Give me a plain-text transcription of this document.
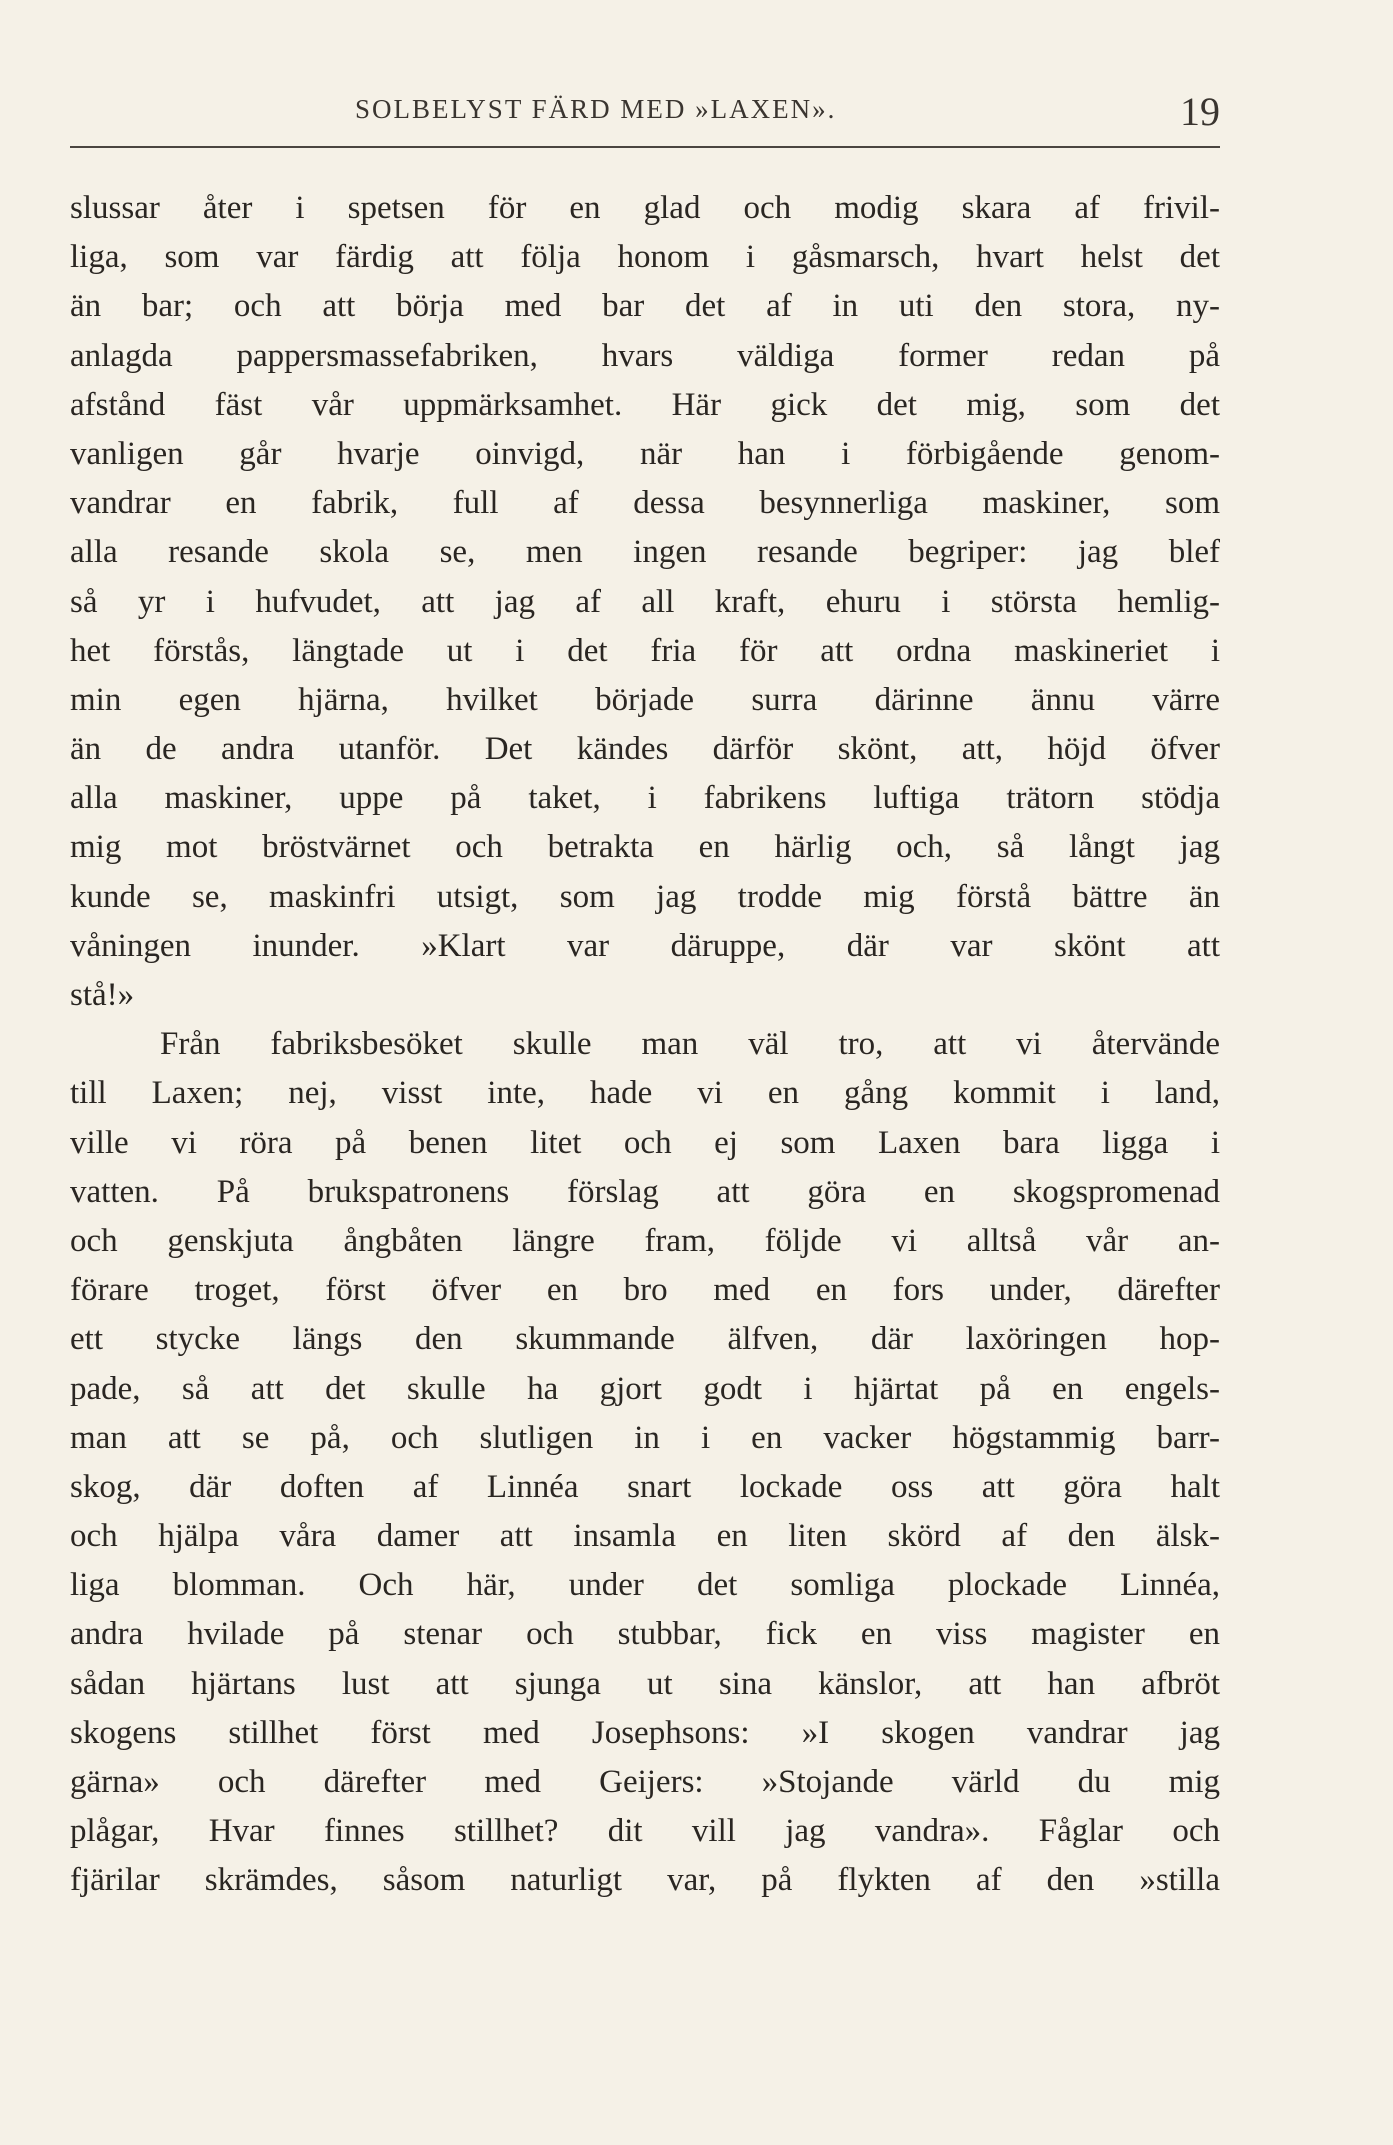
SOLBELYST FÄRD MED »LAXEN».	19
slussar åter i spetsen för en glad och modig skara af frivil-
liga, som var färdig att följa honom i gåsmarsch, hvart helst det
än bar; och att börja med bar det af in uti den stora, ny-
anlagda pappersmassefabriken, hvars väldiga former redan på
afstånd fäst vår uppmärksamhet. Här gick det mig, som det
vanligen går hvarje oinvigd, när han i förbigående genom-
vandrar en fabrik, full af dessa besynnerliga maskiner, som
alla resande skola se, men ingen resande begriper: jag blef
så yr i hufvudet, att jag af all kraft, ehuru i största hemlig-
het förstås, längtade ut i det fria för att ordna maskineriet i
min egen hjärna, hvilket började surra därinne ännu värre
än de andra utanför. Det kändes därför skönt, att, höjd öfver
alla maskiner, uppe på taket, i fabrikens luftiga trätorn stödja
mig mot bröstvärnet och betrakta en härlig och, så långt jag
kunde se, maskinfri utsigt, som jag trodde mig förstå bättre än
våningen inunder. »Klart var däruppe, där var skönt att
stå!»
Från fabriksbesöket skulle man väl tro, att vi återvände
till Laxen; nej, visst inte, hade vi en gång kommit i land,
ville vi röra på benen litet och ej som Laxen bara ligga i
vatten. På brukspatronens förslag att göra en skogspromenad
och genskjuta ångbåten längre fram, följde vi alltså vår an-
förare troget, först öfver en bro med en fors under, därefter
ett stycke längs den skummande älfven, där laxöringen hop-
pade, så att det skulle ha gjort godt i hjärtat på en engels-
man att se på, och slutligen in i en vacker högstammig barr-
skog, där doften af Linnéa snart lockade oss att göra halt
och hjälpa våra damer att insamla en liten skörd af den älsk-
liga blomman. Och här, under det somliga plockade Linnéa,
andra hvilade på stenar och stubbar, fick en viss magister en
sådan hjärtans lust att sjunga ut sina känslor, att han afbröt
skogens stillhet först med Josephsons: »I skogen vandrar jag
gärna» och därefter med Geijers: »Stojande värld du mig
plågar, Hvar finnes stillhet? dit vill jag vandra». Fåglar och
fjärilar skrämdes, såsom naturligt var, på flykten af den »stilla
